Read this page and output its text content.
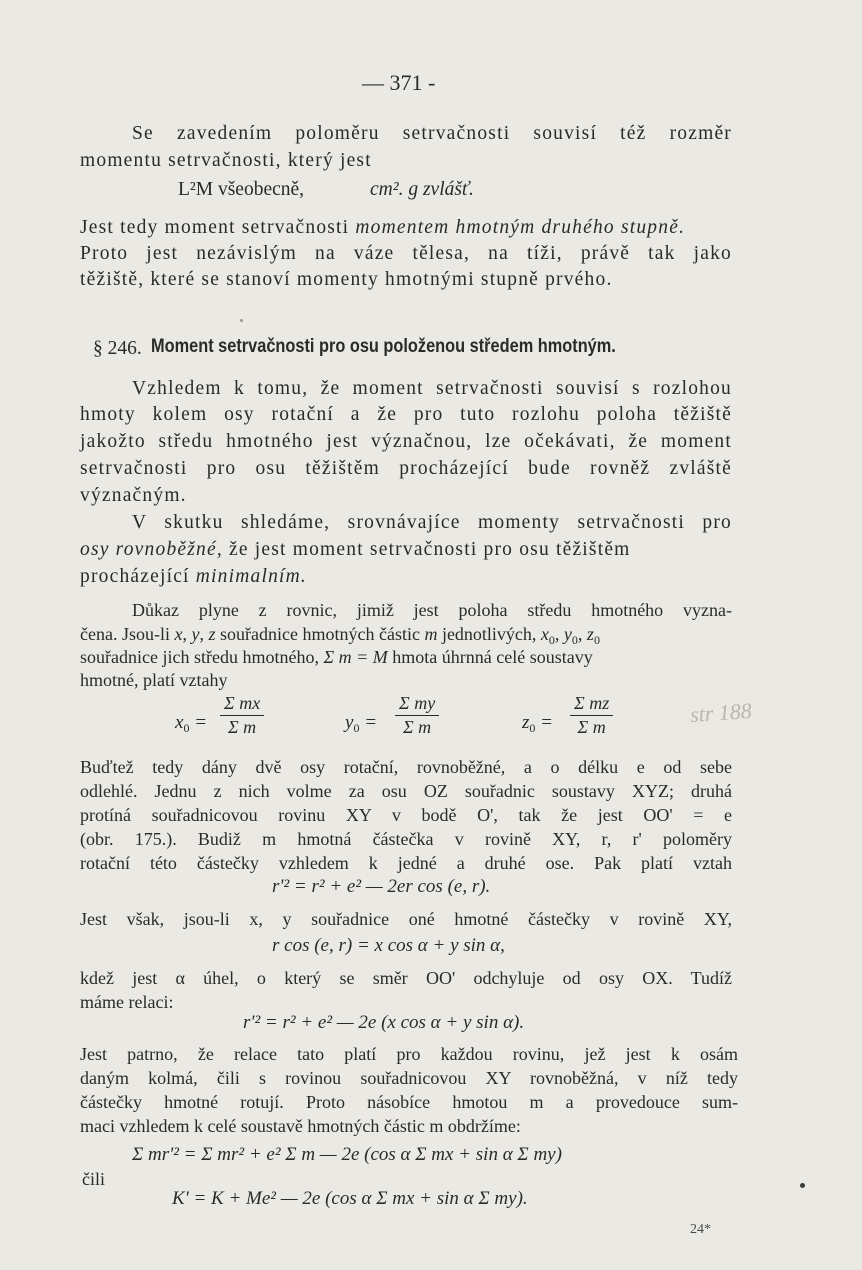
— 371 -
Se zavedením poloměru setrvačnosti souvisí též rozměr
momentu setrvačnosti, který jest
L²M všeobecně,	cm². g zvlášť.
Jest tedy moment setrvačnosti momentem hmotným druhého stupně.
Proto jest nezávislým na váze tělesa, na tíži, právě tak jako
těžiště, které se stanoví momenty hmotnými stupně prvého.
§ 246. Moment setrvačnosti pro osu položenou středem hmotným.
Vzhledem k tomu, že moment setrvačnosti souvisí s rozlohou
hmoty kolem osy rotační a že pro tuto rozlohu poloha těžiště
jakožto středu hmotného jest význačnou, lze očekávati, že moment
setrvačnosti pro osu těžištěm procházející bude rovněž zvláště
význačným.
V skutku shledáme, srovnávajíce momenty setrvačnosti pro
osy rovnoběžné, že jest moment setrvačnosti pro osu těžištěm
procházející minimalním.
Důkaz plyne z rovnic, jimiž jest poloha středu hmotného vyzna-
čena. Jsou-li x, y, z souřadnice hmotných částic m jednotlivých, $x_0$, $y_0$, $z_0$
souřadnice jich středu hmotného, Σ m = M hmota úhrnná celé soustavy
hmotné, platí vztahy
$x_0 = \frac{\text{Σ mx}}{\text{Σ m}}$	$y_0 = \frac{\text{Σ my}}{\text{Σ m}}$	$z_0 = \frac{\text{Σ mz}}{\text{Σ m}}$	str 188
Buďtež tedy dány dvě osy rotační, rovnoběžné, a o délku e od sebe
odlehlé. Jednu z nich volme za osu OZ souřadnic soustavy XYZ; druhá
protíná souřadnicovou rovinu XY v bodě O', tak že jest OO' = e
(obr. 175.). Budiž m hmotná částečka v rovině XY, r, r' poloměry
rotační této částečky vzhledem k jedné a druhé ose. Pak platí vztah
r'² = r² + e² — 2er cos (e, r).
Jest však, jsou-li x, y souřadnice oné hmotné částečky v rovině XY,
r cos (e, r) = x cos α + y sin α,
kdež jest α úhel, o který se směr OO' odchyluje od osy OX. Tudíž
máme relaci:
r'² = r² + e² — 2e (x cos α + y sin α).
Jest patrno, že relace tato platí pro každou rovinu, jež jest k osám
daným kolmá, čili s rovinou souřadnicovou XY rovnoběžná, v níž tedy
částečky hmotné rotují. Proto násobíce hmotou m a provedouce sum-
maci vzhledem k celé soustavě hmotných částic m obdržíme:
Σ mr'² = Σ mr² + e² Σ m — 2e (cos α Σ mx + sin α Σ my)
čili
K' = K + Me² — 2e (cos α Σ mx + sin α Σ my).
24*
